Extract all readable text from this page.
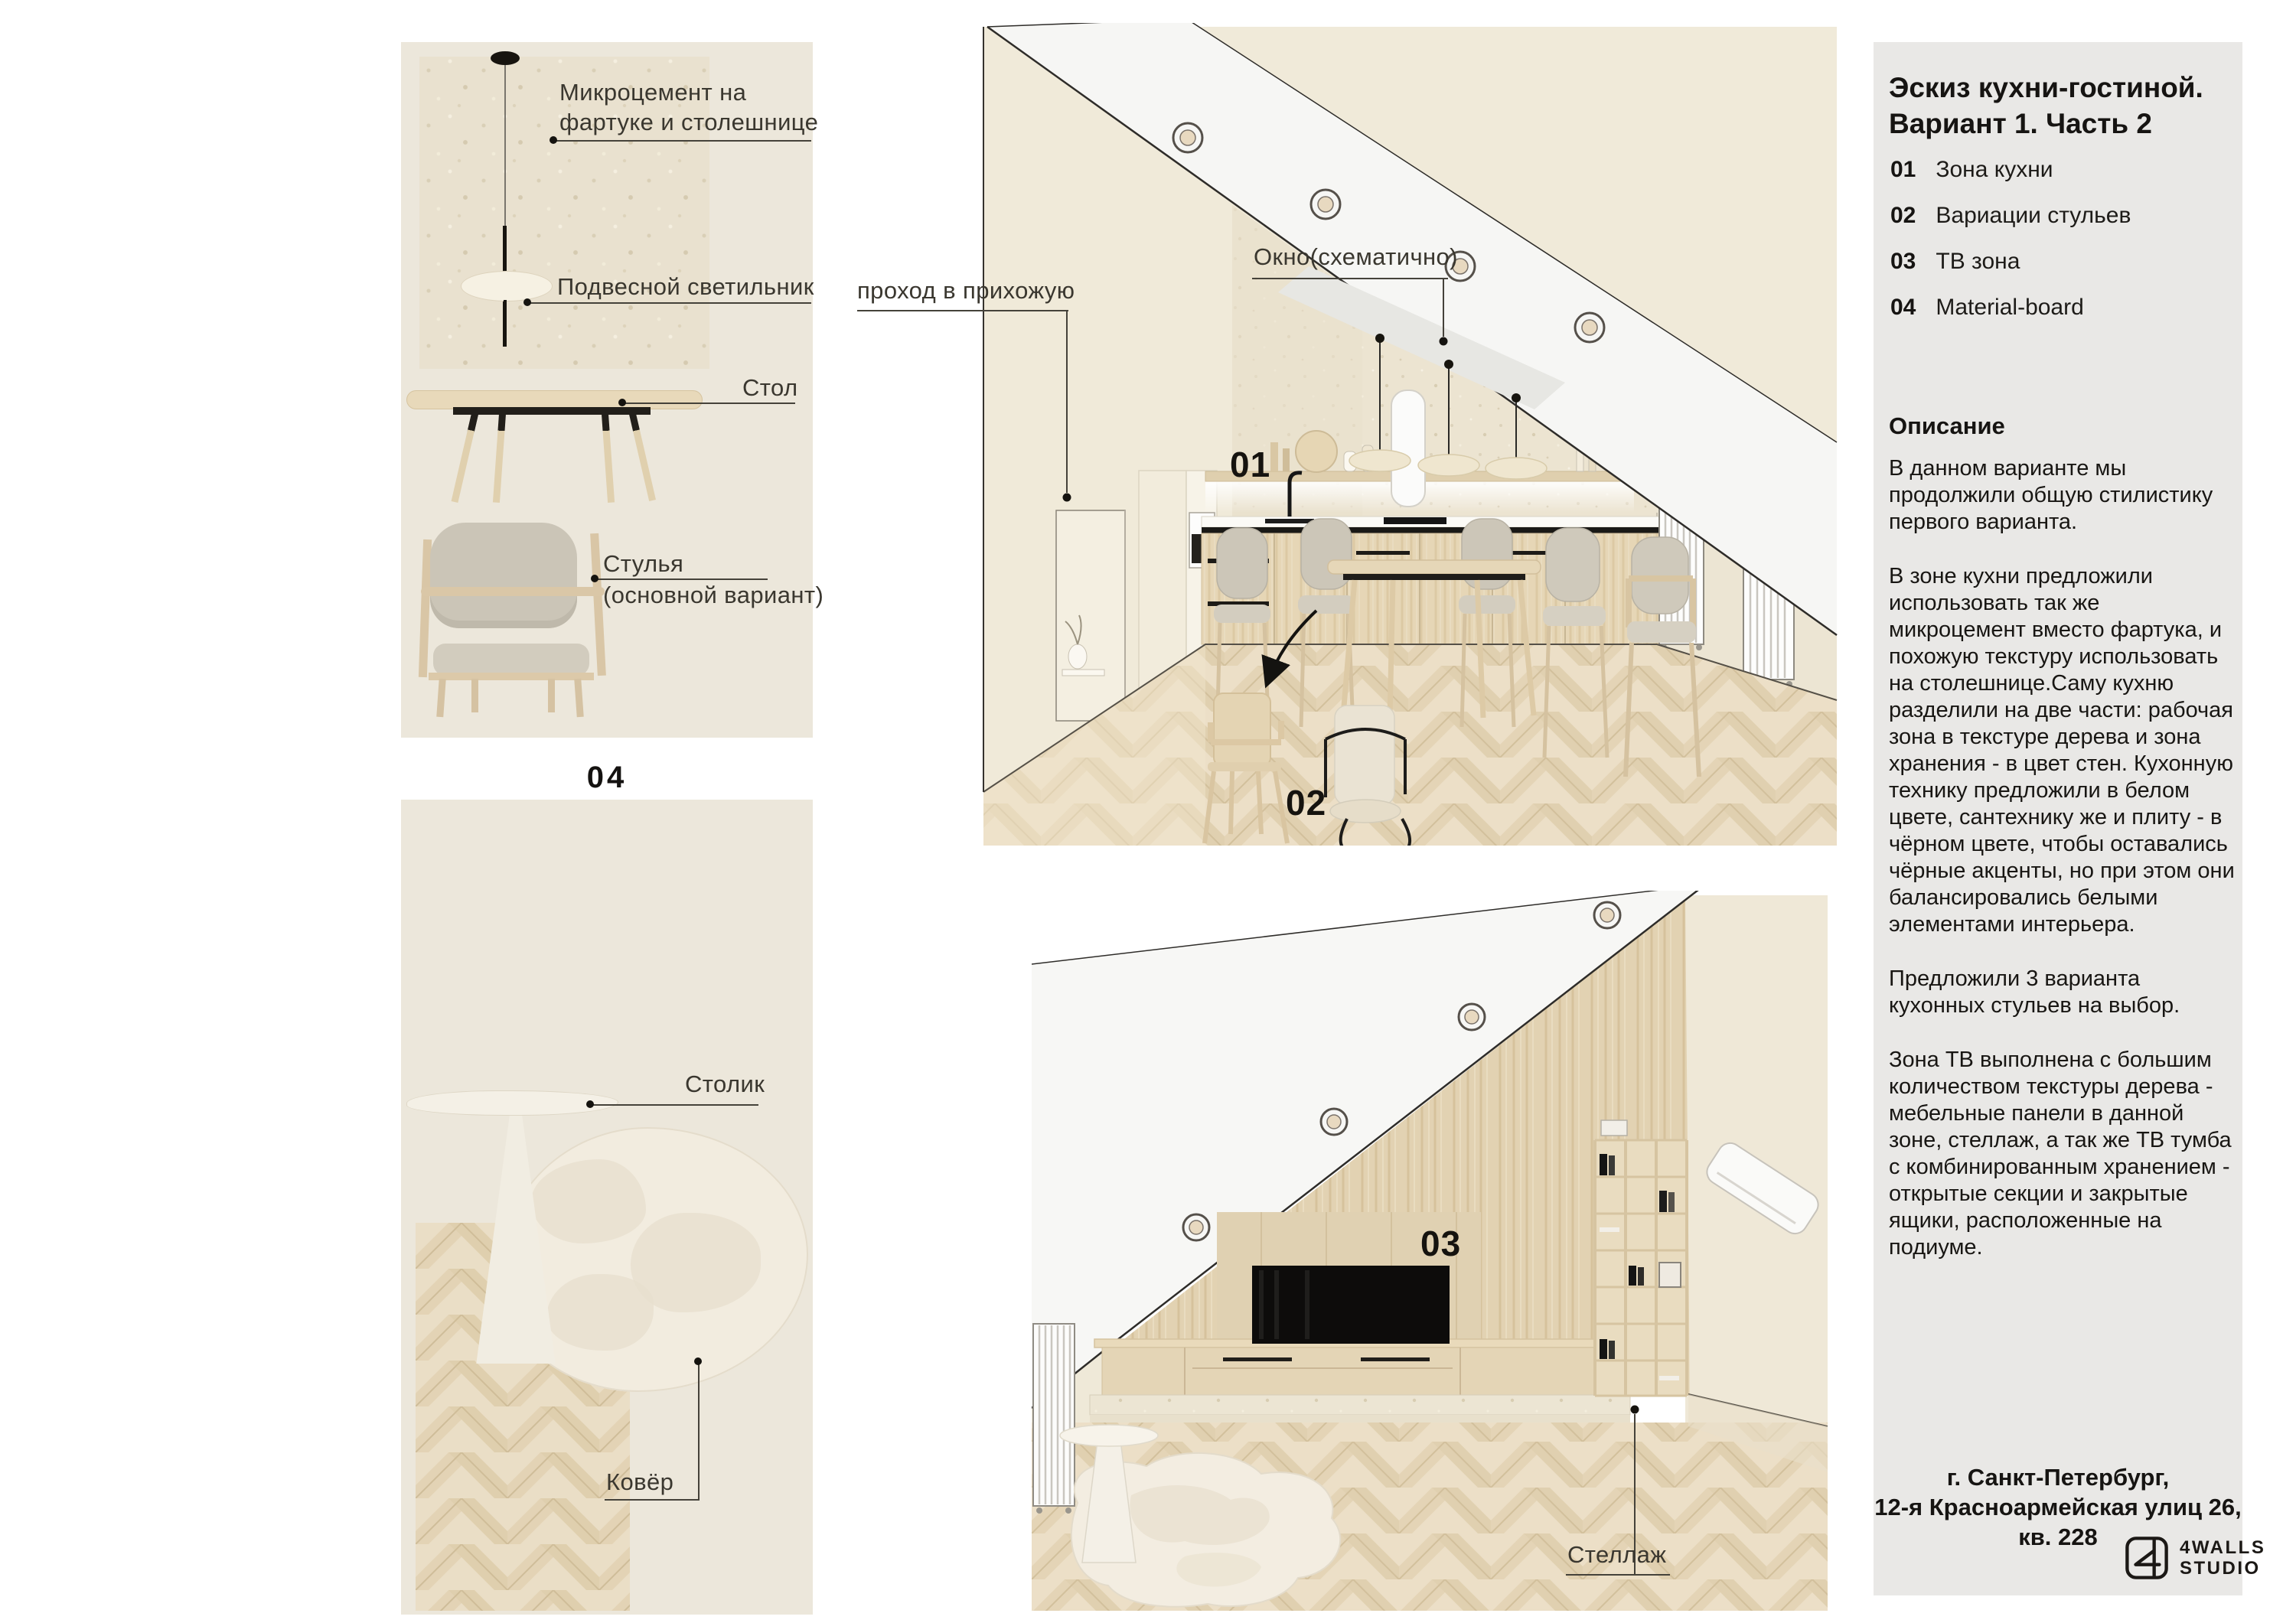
Микроцемент на
фартуке и столешнице
Подвесной светильник
Стол
Стулья
(основной вариант)
04
Столик
Ковёр
Окно(схематично)
проход в прихожую
01
02
03
Стеллаж
Эскиз кухни-гостиной.
Вариант 1. Часть 2
01 Зона кухни
02 Вариации стульев
03 ТВ зона
04 Material-board
Описание

В данном варианте мы продолжили общую стилистику первого варианта.

В зоне кухни предложили использовать так же микроцемент вместо фартука, и похожую текстуру использовать на столешнице.Саму кухню разделили на две части: рабочая зона в текстуре дерева и зона хранения - в цвет стен. Кухонную технику предложили в белом цвете, сантехнику же и плиту - в чёрном цвете, чтобы оставались чёрные акценты, но при этом они балансировались белыми элементами интерьера.

Предложили 3 варианта кухонных стульев на выбор.

Зона ТВ выполнена с большим количеством текстуры дерева - мебельные панели в данной зоне, стеллаж, а так же ТВ тумба с комбинированным хранением - открытые секции и закрытые ящики, расположенные на подиуме.

г. Санкт-Петербург,
12-я Красноармейская улиц 26,
кв. 228	4WALLS
STUDIO
